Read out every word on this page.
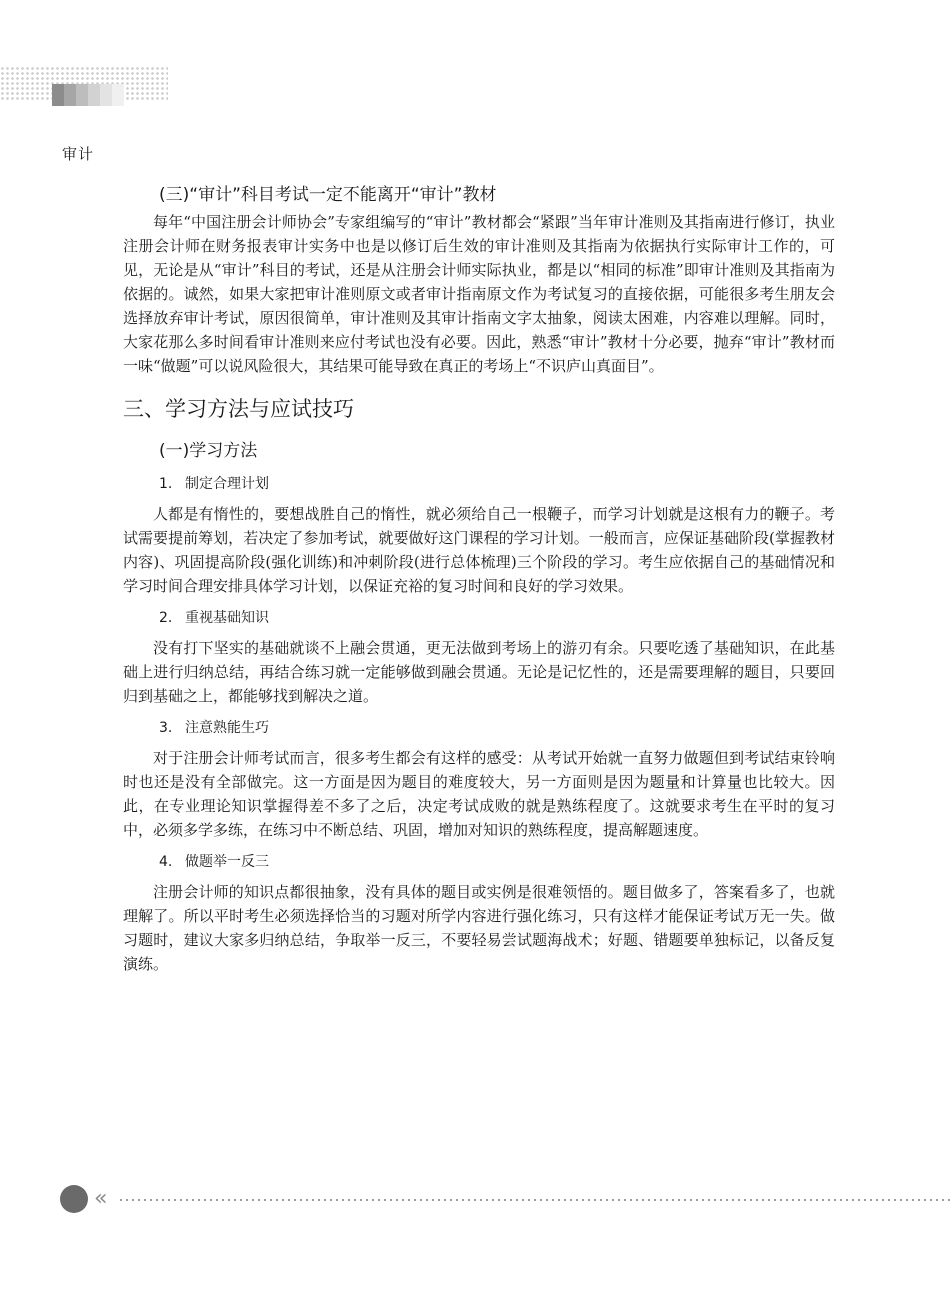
审计
(三)“审计”科目考试一定不能离开“审计”教材

每年“中国注册会计师协会”专家组编写的“审计”教材都会“紧跟”当年审计准则及其指南进行修订，执业注册会计师在财务报表审计实务中也是以修订后生效的审计准则及其指南为依据执行实际审计工作的，可见，无论是从“审计”科目的考试，还是从注册会计师实际执业，都是以“相同的标准”即审计准则及其指南为依据的。诚然，如果大家把审计准则原文或者审计指南原文作为考试复习的直接依据，可能很多考生朋友会选择放弃审计考试，原因很简单，审计准则及其审计指南文字太抽象，阅读太困难，内容难以理解。同时，大家花那么多时间看审计准则来应付考试也没有必要。因此，熟悉“审计”教材十分必要，抛弃“审计”教材而一味“做题”可以说风险很大，其结果可能导致在真正的考场上“不识庐山真面目”。

三、学习方法与应试技巧
(一)学习方法
1. 制定合理计划

人都是有惰性的，要想战胜自己的惰性，就必须给自己一根鞭子，而学习计划就是这根有力的鞭子。考试需要提前筹划，若决定了参加考试，就要做好这门课程的学习计划。一般而言，应保证基础阶段(掌握教材内容)、巩固提高阶段(强化训练)和冲刺阶段(进行总体梳理)三个阶段的学习。考生应依据自己的基础情况和学习时间合理安排具体学习计划，以保证充裕的复习时间和良好的学习效果。

2. 重视基础知识

没有打下坚实的基础就谈不上融会贯通，更无法做到考场上的游刃有余。只要吃透了基础知识，在此基础上进行归纳总结，再结合练习就一定能够做到融会贯通。无论是记忆性的，还是需要理解的题目，只要回归到基础之上，都能够找到解决之道。

3. 注意熟能生巧

对于注册会计师考试而言，很多考生都会有这样的感受：从考试开始就一直努力做题但到考试结束铃响时也还是没有全部做完。这一方面是因为题目的难度较大，另一方面则是因为题量和计算量也比较大。因此，在专业理论知识掌握得差不多了之后，决定考试成败的就是熟练程度了。这就要求考生在平时的复习中，必须多学多练，在练习中不断总结、巩固，增加对知识的熟练程度，提高解题速度。

4. 做题举一反三

注册会计师的知识点都很抽象，没有具体的题目或实例是很难领悟的。题目做多了，答案看多了，也就理解了。所以平时考生必须选择恰当的习题对所学内容进行强化练习，只有这样才能保证考试万无一失。做习题时，建议大家多归纳总结，争取举一反三，不要轻易尝试题海战术；好题、错题要单独标记，以备反复演练。

«
